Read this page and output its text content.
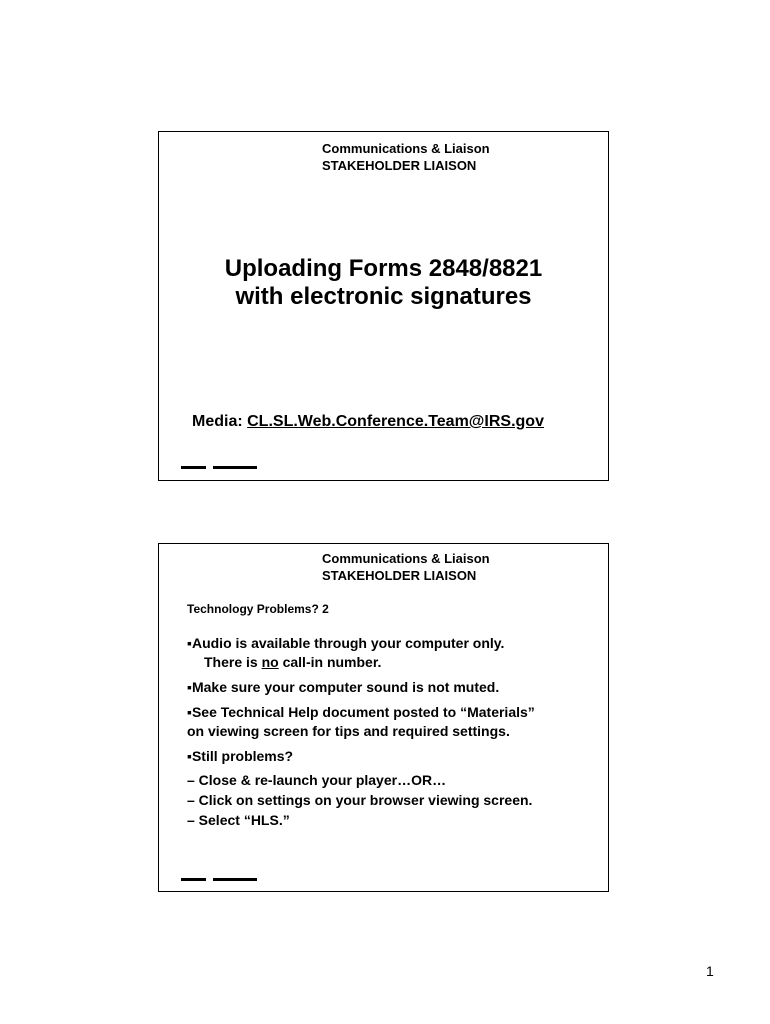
Communications & Liaison
STAKEHOLDER LIAISON
Uploading Forms 2848/8821
with electronic signatures
Media: CL.SL.Web.Conference.Team@IRS.gov
Communications & Liaison
STAKEHOLDER LIAISON
Technology Problems? 2
▪Audio is available through your computer only.
There is no call-in number.
▪Make sure your computer sound is not muted.
▪See Technical Help document posted to “Materials”
on viewing screen for tips and required settings.
▪Still problems?
– Close & re-launch your player…OR…
– Click on settings on your browser viewing screen.
– Select “HLS.”
1
